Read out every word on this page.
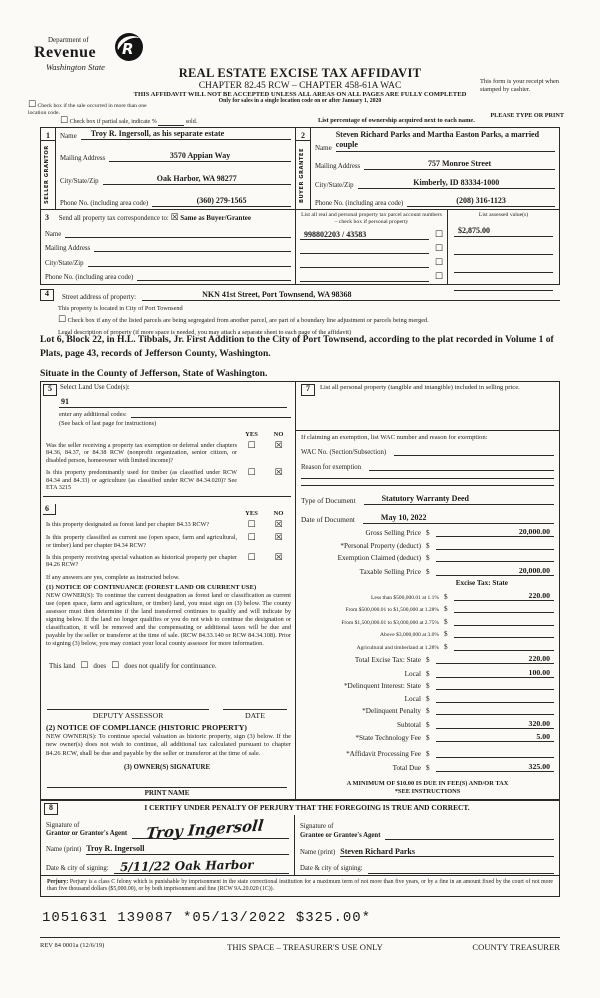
Department of
Revenue
Washington State
R
REAL ESTATE EXCISE TAX AFFIDAVIT
CHAPTER 82.45 RCW – CHAPTER 458-61A WAC
THIS AFFIDAVIT WILL NOT BE ACCEPTED UNLESS ALL AREAS ON ALL PAGES ARE FULLY COMPLETED
Only for sales in a single location code on or after January 1, 2020
This form is your receipt when stamped by cashier.
PLEASE TYPE OR PRINT
☐ Check box if the sale occurred in more than one location code.
☐ Check box if partial sale, indicate %	sold.	List percentage of ownership acquired next to each name.
1
SELLER GRANTOR
Name	Troy R. Ingersoll, as his separate estate
Mailing Address	3570 Appian Way
City/State/Zip	Oak Harbor, WA 98277
Phone No. (including area code)	(360) 279-1565
2
BUYER GRANTEE Name
Steven Richard Parks and Martha Easton Parks, a married couple
Mailing Address	757 Monroe Street
City/State/Zip	Kimberly, ID 83334-1000
Phone No. (including area code)	(208) 316-1123
3 Send all property tax correspondence to: ☒ Same as Buyer/Grantee
Name
Mailing Address
City/State/Zip
Phone No. (including area code)
List all real and personal property tax parcel account numbers
– check box if personal property
998802203 / 43583	☐
☐
☐
☐
List assessed value(s)
$2,875.00
4	Street address of property:	NKN 41st Street, Port Townsend, WA 98368
This property is located in City of Port Townsend
☐ Check box if any of the listed parcels are being segregated from another parcel, are part of a boundary line adjustment or parcels being merged.
Legal description of property (if more space is needed, you may attach a separate sheet to each page of the affidavit)
Lot 6, Block 22, in H.L. Tibbals, Jr. First Addition to the City of Port Townsend, according to the plat recorded in Volume 1 of Plats, page 43, records of Jefferson County, Washington.
Situate in the County of Jefferson, State of Washington.
5	Select Land Use Code(s):
91
enter any additional codes:
(See back of last page for instructions)
YES	NO
Was the seller receiving a property tax exemption or deferral under chapters 84.36, 84.37, or 84.38 RCW (nonprofit organization, senior citizen, or disabled person, homeowner with limited income)?
☐	☒
Is this property predominantly used for timber (as classified under RCW 84.34 and 84.33) or agriculture (as classified under RCW 84.34.020)? See ETA 3215
☐	☒
6
YES	NO
Is this property designated as forest land per chapter 84.33 RCW?	☐	☒
Is this property classified as current use (open space, farm and agricultural, or timber) land per chapter 84.34 RCW?
☐	☒
Is this property receiving special valuation as historical property per chapter 84.26 RCW?
☐	☒
If any answers are yes, complete as instructed below.
(1) NOTICE OF CONTINUANCE (FOREST LAND OR CURRENT USE)
NEW OWNER(S): To continue the current designation as forest land or classification as current use (open space, farm and agriculture, or timber) land, you must sign on (3) below. The county assessor must then determine if the land transferred continues to qualify and will indicate by signing below. If the land no longer qualifies or you do not wish to continue the designation or classification, it will be removed and the compensating or additional taxes will be due and payable by the seller or transferor at the time of sale. (RCW 84.33.140 or RCW 84.34.108). Prior to signing (3) below, you may contact your local county assessor for more information.
This land ☐ does ☐ does not qualify for continuance.
DEPUTY ASSESSOR	DATE
(2) NOTICE OF COMPLIANCE (HISTORIC PROPERTY)
NEW OWNER(S): To continue special valuation as historic property, sign (3) below. If the new owner(s) does not wish to continue, all additional tax calculated pursuant to chapter 84.26 RCW, shall be due and payable by the seller or transferor at the time of sale.
(3) OWNER(S) SIGNATURE
PRINT NAME
7	List all personal property (tangible and intangible) included in selling price.
If claiming an exemption, list WAC number and reason for exemption:
WAC No. (Section/Subsection)
Reason for exemption
Type of Document	Statutory Warranty Deed
Date of Document	May 10, 2022
Gross Selling Price $	20,000.00
*Personal Property (deduct) $
Exemption Claimed (deduct) $
Taxable Selling Price $	20,000.00
Excise Tax: State
Less than $500,000.01 at 1.1% $	220.00
From $500,000.01 to $1,500,000 at 1.28% $
From $1,500,000.01 to $3,000,000 at 2.75% $
Above $3,000,000 at 3.0% $
Agricultural and timberland at 1.28% $
Total Excise Tax: State $	220.00
Local $	100.00
*Delinquent Interest: State $
Local $
*Delinquent Penalty $
Subtotal $	320.00
*State Technology Fee $	5.00
*Affidavit Processing Fee $
Total Due $	325.00
A MINIMUM OF $10.00 IS DUE IN FEE(S) AND/OR TAX
*SEE INSTRUCTIONS
8	I CERTIFY UNDER PENALTY OF PERJURY THAT THE FOREGOING IS TRUE AND CORRECT.
Signature of
Grantor or Grantor's Agent	Troy Ingersoll
Name (print) Troy R. Ingersoll
Date & city of signing: 5/11/22 Oak Harbor
Signature of
Grantee or Grantee's Agent
Name (print) Steven Richard Parks
Date & city of signing:
Perjury: Perjury is a class C felony which is punishable by imprisonment in the state correctional institution for a maximum term of not more than five years, or by a fine in an amount fixed by the court of not more than five thousand dollars ($5,000.00), or by both imprisonment and fine (RCW 9A.20.020 (1C)).
1051631 139087 *05/13/2022 $325.00*
REV 84 0001a (12/6/19)	THIS SPACE – TREASURER'S USE ONLY	COUNTY TREASURER
